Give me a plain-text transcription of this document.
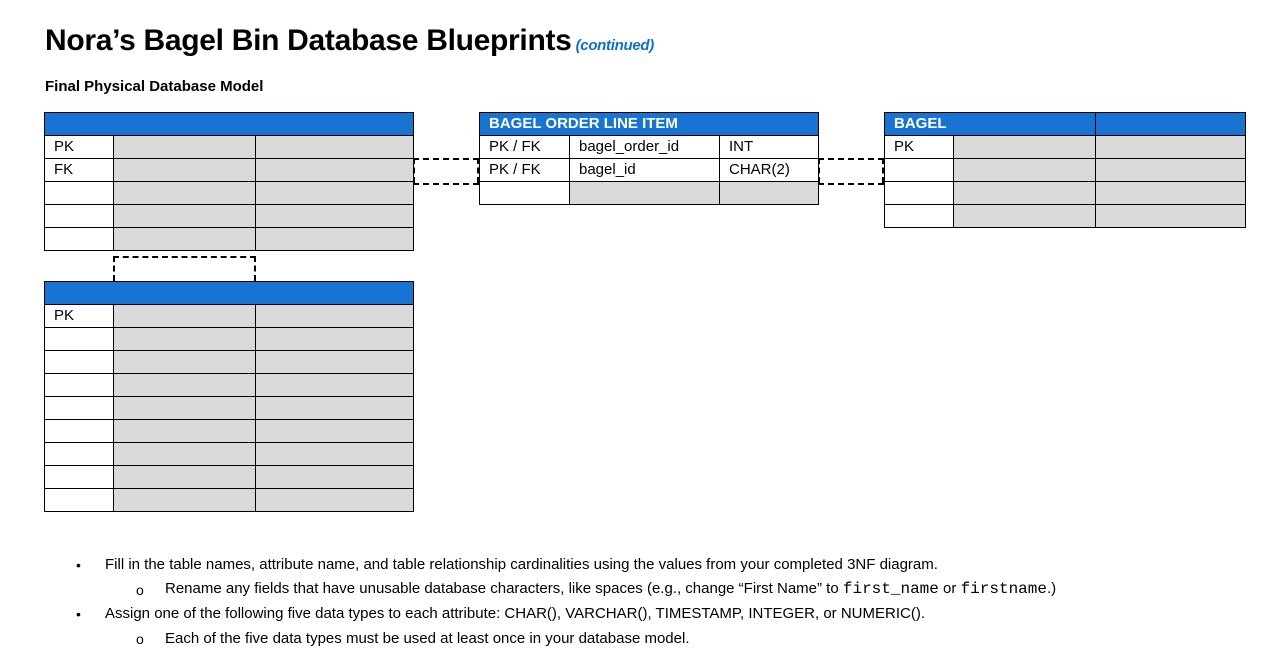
Nora’s Bagel Bin Database Blueprints (continued)
Final Physical Database Model

PK		
FK		

BAGEL ORDER LINE ITEM		
PK / FK	bagel_order_id	INT
PK / FK	bagel_id	CHAR(2)

BAGEL		
PK		

PK		

• Fill in the table names, attribute name, and table relationship cardinalities using the values from your completed 3NF diagram.
o Rename any fields that have unusable database characters, like spaces (e.g., change “First Name” to first_name or firstname.)
• Assign one of the following five data types to each attribute: CHAR(), VARCHAR(), TIMESTAMP, INTEGER, or NUMERIC().
o Each of the five data types must be used at least once in your database model.
